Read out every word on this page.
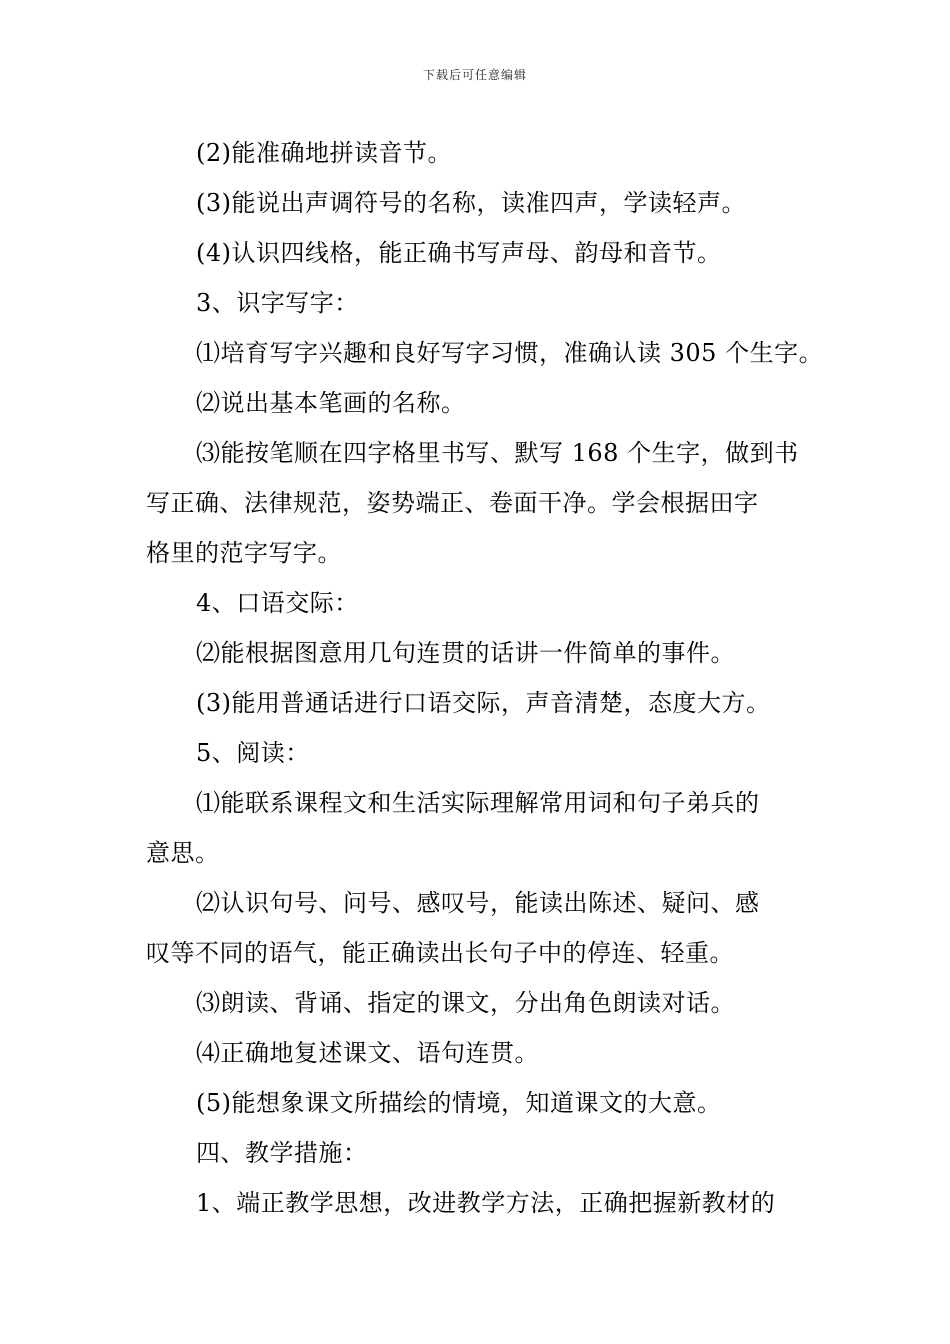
下载后可任意编辑
(2)能准确地拼读音节。
(3)能说出声调符号的名称，读准四声，学读轻声。
(4)认识四线格，能正确书写声母、韵母和音节。
3、识字写字：
⑴培育写字兴趣和良好写字习惯，准确认读 305 个生字。
⑵说出基本笔画的名称。
⑶能按笔顺在四字格里书写、默写 168 个生字，做到书
写正确、法律规范，姿势端正、卷面干净。学会根据田字
格里的范字写字。
4、口语交际：
⑵能根据图意用几句连贯的话讲一件简单的事件。
(3)能用普通话进行口语交际，声音清楚，态度大方。
5、阅读：
⑴能联系课程文和生活实际理解常用词和句子弟兵的
意思。
⑵认识句号、问号、感叹号，能读出陈述、疑问、感
叹等不同的语气，能正确读出长句子中的停连、轻重。
⑶朗读、背诵、指定的课文，分出角色朗读对话。
⑷正确地复述课文、语句连贯。
(5)能想象课文所描绘的情境，知道课文的大意。
四、教学措施：
1、端正教学思想，改进教学方法，正确把握新教材的
